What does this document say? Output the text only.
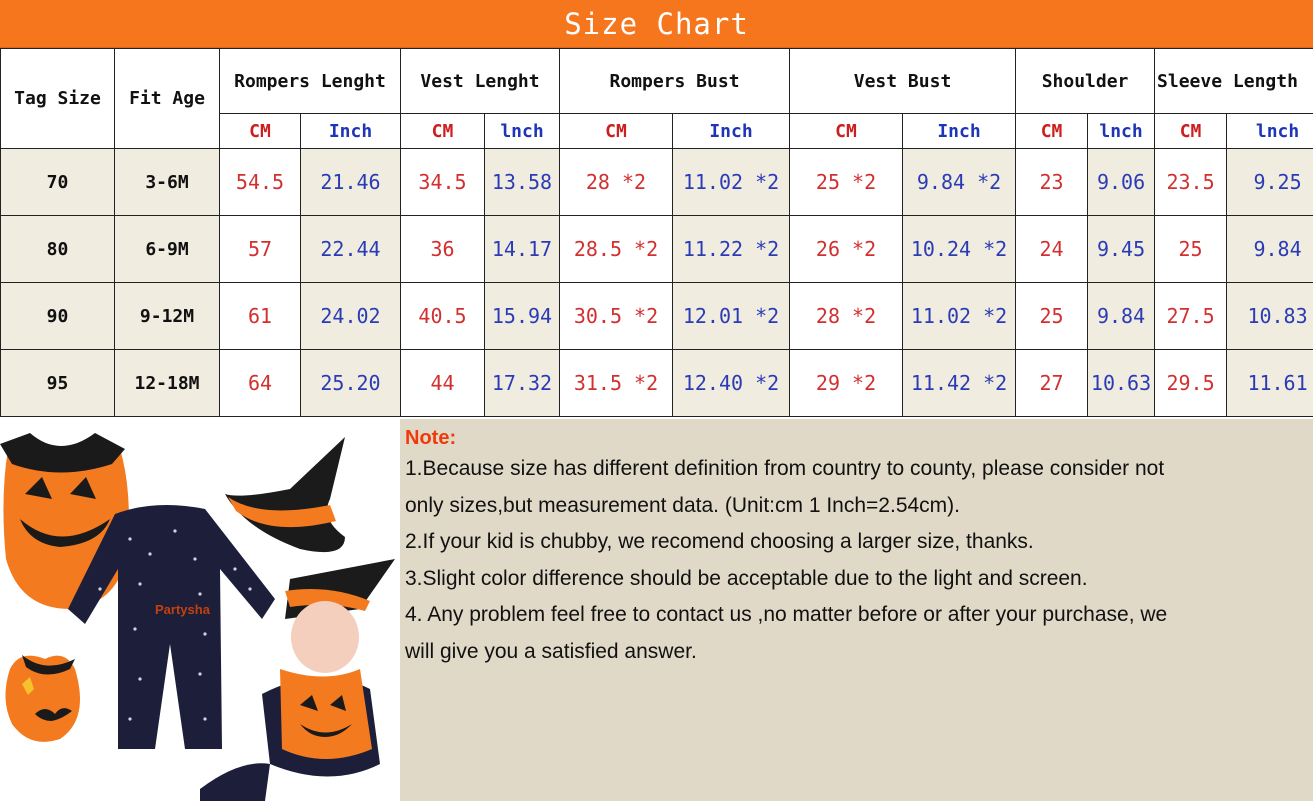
Size Chart
Tag Size	Fit Age	Rompers Lenght		Vest Lenght		Rompers Bust		Vest Bust		Shoulder		Sleeve Length	
		CM	Inch	CM	lnch	CM	Inch	CM	Inch	CM	lnch	CM	lnch
70	3-6M	54.5	21.46	34.5	13.58	28 *2	11.02 *2	25 *2	9.84 *2	23	9.06	23.5	9.25
80	6-9M	57	22.44	36	14.17	28.5 *2	11.22 *2	26 *2	10.24 *2	24	9.45	25	9.84
90	9-12M	61	24.02	40.5	15.94	30.5 *2	12.01 *2	28 *2	11.02 *2	25	9.84	27.5	10.83
95	12-18M	64	25.20	44	17.32	31.5 *2	12.40 *2	29 *2	11.42 *2	27	10.63	29.5	11.61
Partysha

Note:

1.Because size has different definition from country to county, please consider not

only sizes,but measurement data. (Unit:cm 1 Inch=2.54cm).

2.If your kid is chubby, we recomend choosing a larger size, thanks.

3.Slight color difference should be acceptable due to the light and screen.

4. Any problem feel free to contact us ,no matter before or after your purchase, we

will give you a satisfied answer.
